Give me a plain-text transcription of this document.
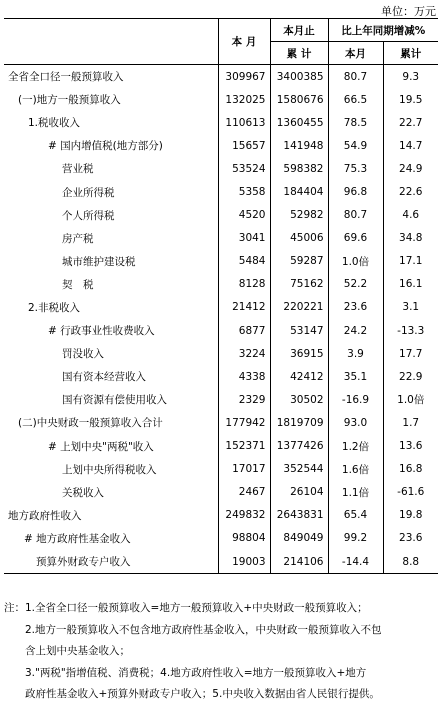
单位：万元
	本 月	本月止	比上年同期增减%	
		累 计	本月	累计
全省全口径一般预算收入	309967	3400385	80.7	9.3
(一)地方一般预算收入	132025	1580676	66.5	19.5
1.税收收入	110613	1360455	78.5	22.7
# 国内增值税(地方部分)	15657	141948	54.9	14.7
营业税	53524	598382	75.3	24.9
企业所得税	5358	184404	96.8	22.6
个人所得税	4520	52982	80.7	4.6
房产税	3041	45006	69.6	34.8
城市维护建设税	5484	59287	1.0倍	17.1
契　税	8128	75162	52.2	16.1
2.非税收入	21412	220221	23.6	3.1
# 行政事业性收费收入	6877	53147	24.2	-13.3
罚没收入	3224	36915	3.9	17.7
国有资本经营收入	4338	42412	35.1	22.9
国有资源有偿使用收入	2329	30502	-16.9	1.0倍
(二)中央财政一般预算收入合计	177942	1819709	93.0	1.7
# 上划中央"两税"收入	152371	1377426	1.2倍	13.6
上划中央所得税收入	17017	352544	1.6倍	16.8
关税收入	2467	26104	1.1倍	-61.6
地方政府性收入	249832	2643831	65.4	19.8
# 地方政府性基金收入	98804	849049	99.2	23.6
预算外财政专户收入	19003	214106	-14.4	8.8
注：1.全省全口径一般预算收入=地方一般预算收入+中央财政一般预算收入；
　　2.地方一般预算收入不包含地方政府性基金收入，中央财政一般预算收入不包
　　含上划中央基金收入；
　　3."两税"指增值税、消费税；4.地方政府性收入=地方一般预算收入+地方
　　政府性基金收入+预算外财政专户收入；5.中央收入数据由省人民银行提供。
